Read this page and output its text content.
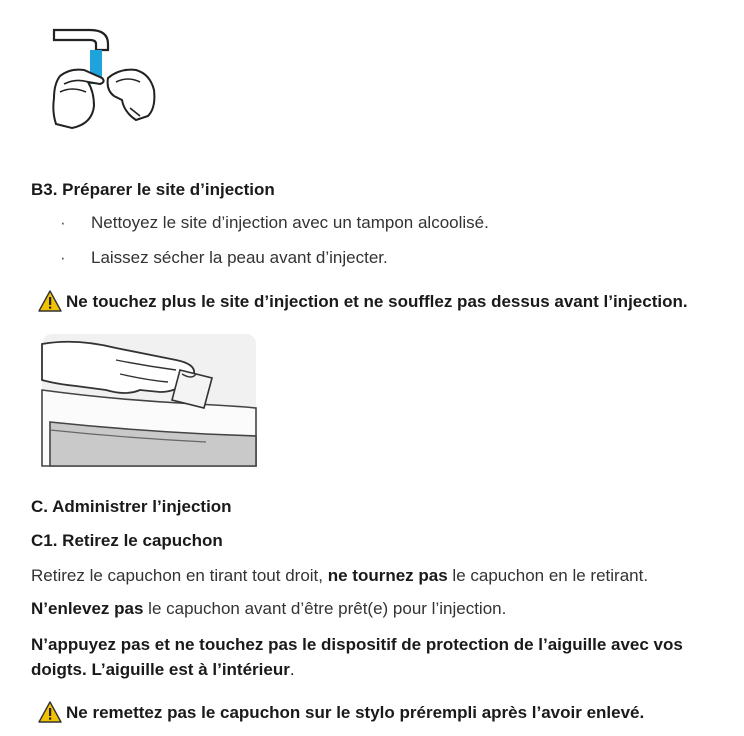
B3. Préparer le site d’injection
·	Nettoyez le site d’injection avec un tampon alcoolisé.
·	Laissez sécher la peau avant d’injecter.
Ne touchez plus le site d’injection et ne soufflez pas dessus avant l’injection.
C. Administrer l’injection
C1. Retirez le capuchon
Retirez le capuchon en tirant tout droit, ne tournez pas le capuchon en le retirant.
N’enlevez pas le capuchon avant d’être prêt(e) pour l’injection.
N’appuyez pas et ne touchez pas le dispositif de protection de l’aiguille avec vos doigts. L’aiguille est à l’intérieur.
Ne remettez pas le capuchon sur le stylo prérempli après l’avoir enlevé.
